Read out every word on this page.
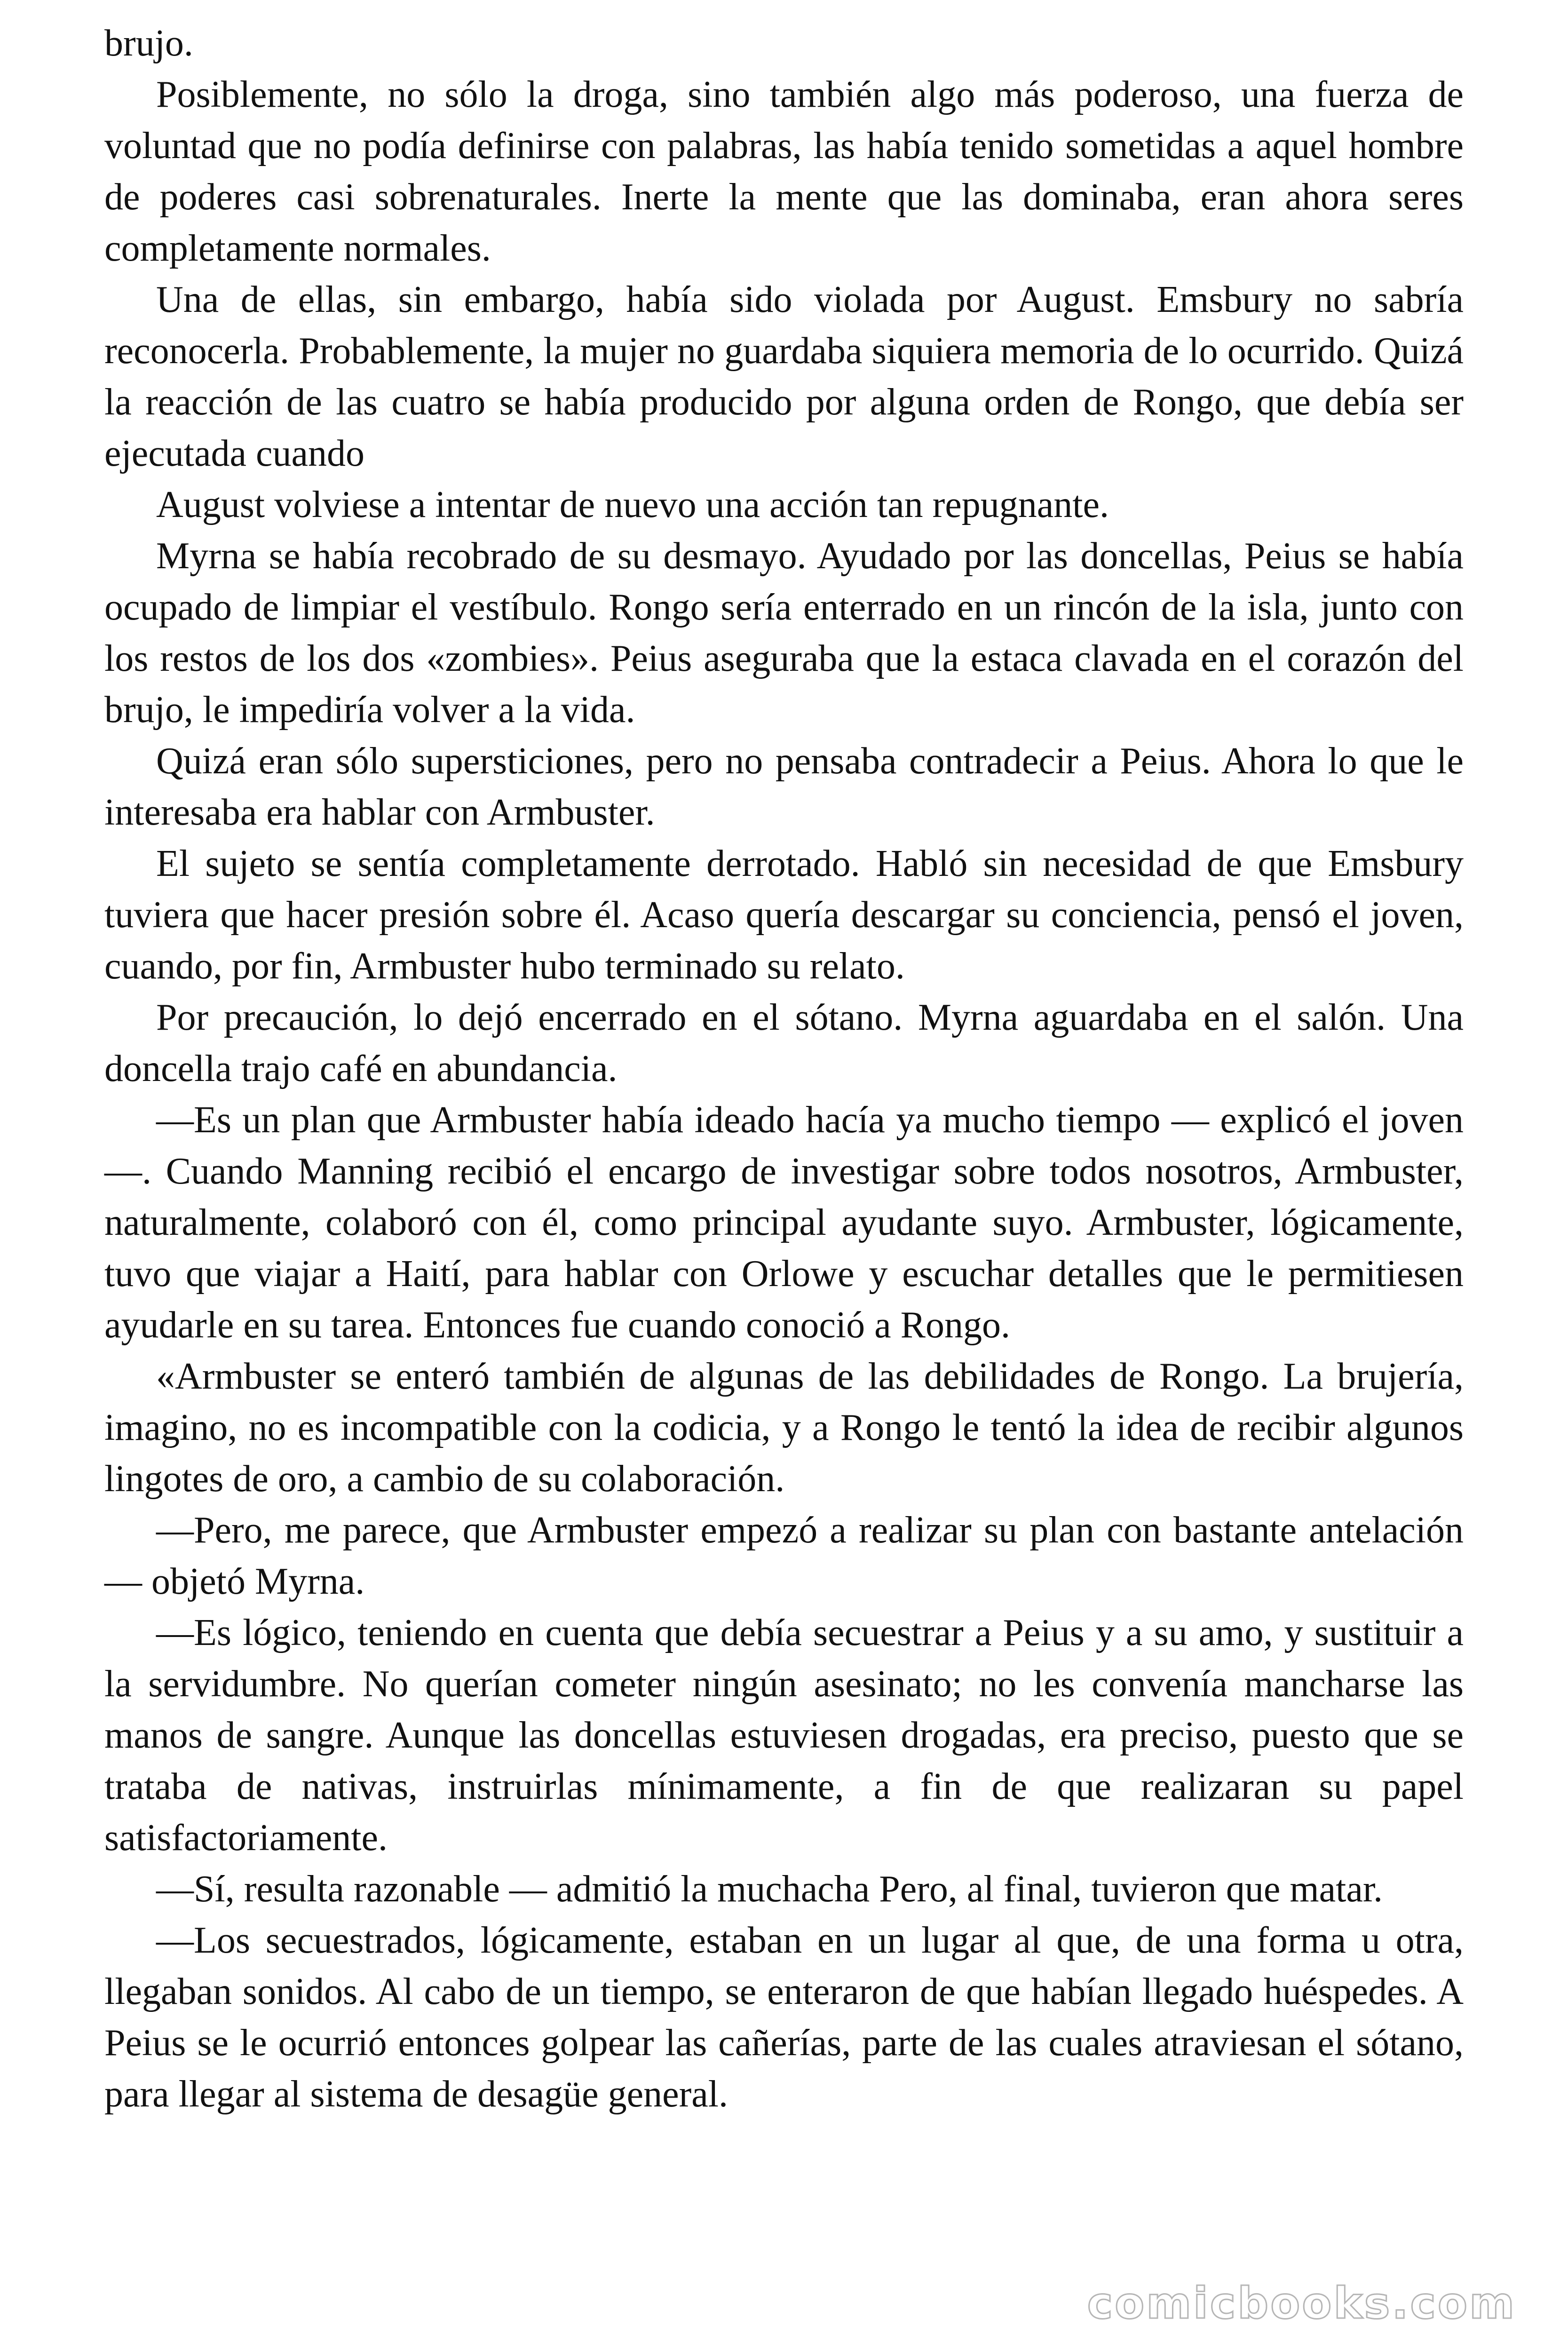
brujo.

Posiblemente, no sólo la droga, sino también algo más poderoso, una fuerza de voluntad que no podía definirse con palabras, las había tenido sometidas a aquel hombre de poderes casi sobrenaturales. Inerte la mente que las dominaba, eran ahora seres completamente normales.

Una de ellas, sin embargo, había sido violada por August. Emsbury no sabría reconocerla. Probablemente, la mujer no guardaba siquiera memoria de lo ocurrido. Quizá la reacción de las cuatro se había producido por alguna orden de Rongo, que debía ser ejecutada cuando

August volviese a intentar de nuevo una acción tan repugnante.

Myrna se había recobrado de su desmayo. Ayudado por las doncellas, Peius se había ocupado de limpiar el vestíbulo. Rongo sería enterrado en un rincón de la isla, junto con los restos de los dos «zombies». Peius aseguraba que la estaca clavada en el corazón del brujo, le impediría volver a la vida.

Quizá eran sólo supersticiones, pero no pensaba contradecir a Peius. Ahora lo que le interesaba era hablar con Armbuster.

El sujeto se sentía completamente derrotado. Habló sin necesidad de que Emsbury tuviera que hacer presión sobre él. Acaso quería descargar su conciencia, pensó el joven, cuando, por fin, Armbuster hubo terminado su relato.

Por precaución, lo dejó encerrado en el sótano. Myrna aguardaba en el salón. Una doncella trajo café en abundancia.

—Es un plan que Armbuster había ideado hacía ya mucho tiempo — explicó el joven—. Cuando Manning recibió el encargo de investigar sobre todos nosotros, Armbuster, naturalmente, colaboró con él, como principal ayudante suyo. Armbuster, lógicamente, tuvo que viajar a Haití, para hablar con Orlowe y escuchar detalles que le permitiesen ayudarle en su tarea. Entonces fue cuando conoció a Rongo.

«Armbuster se enteró también de algunas de las debilidades de Rongo. La brujería, imagino, no es incompatible con la codicia, y a Rongo le tentó la idea de recibir algunos lingotes de oro, a cambio de su colaboración.

—Pero, me parece, que Armbuster empezó a realizar su plan con bastante antelación — objetó Myrna.

—Es lógico, teniendo en cuenta que debía secuestrar a Peius y a su amo, y sustituir a la servidumbre. No querían cometer ningún asesinato; no les convenía mancharse las manos de sangre. Aunque las doncellas estuviesen drogadas, era preciso, puesto que se trataba de nativas, instruirlas mínimamente, a fin de que realizaran su papel satisfactoriamente.

—Sí, resulta razonable — admitió la muchacha Pero, al final, tuvieron que matar.

—Los secuestrados, lógicamente, estaban en un lugar al que, de una forma u otra, llegaban sonidos. Al cabo de un tiempo, se enteraron de que habían llegado huéspedes. A Peius se le ocurrió entonces golpear las cañerías, parte de las cuales atraviesan el sótano, para llegar al sistema de desagüe general.

comicbooks.com
